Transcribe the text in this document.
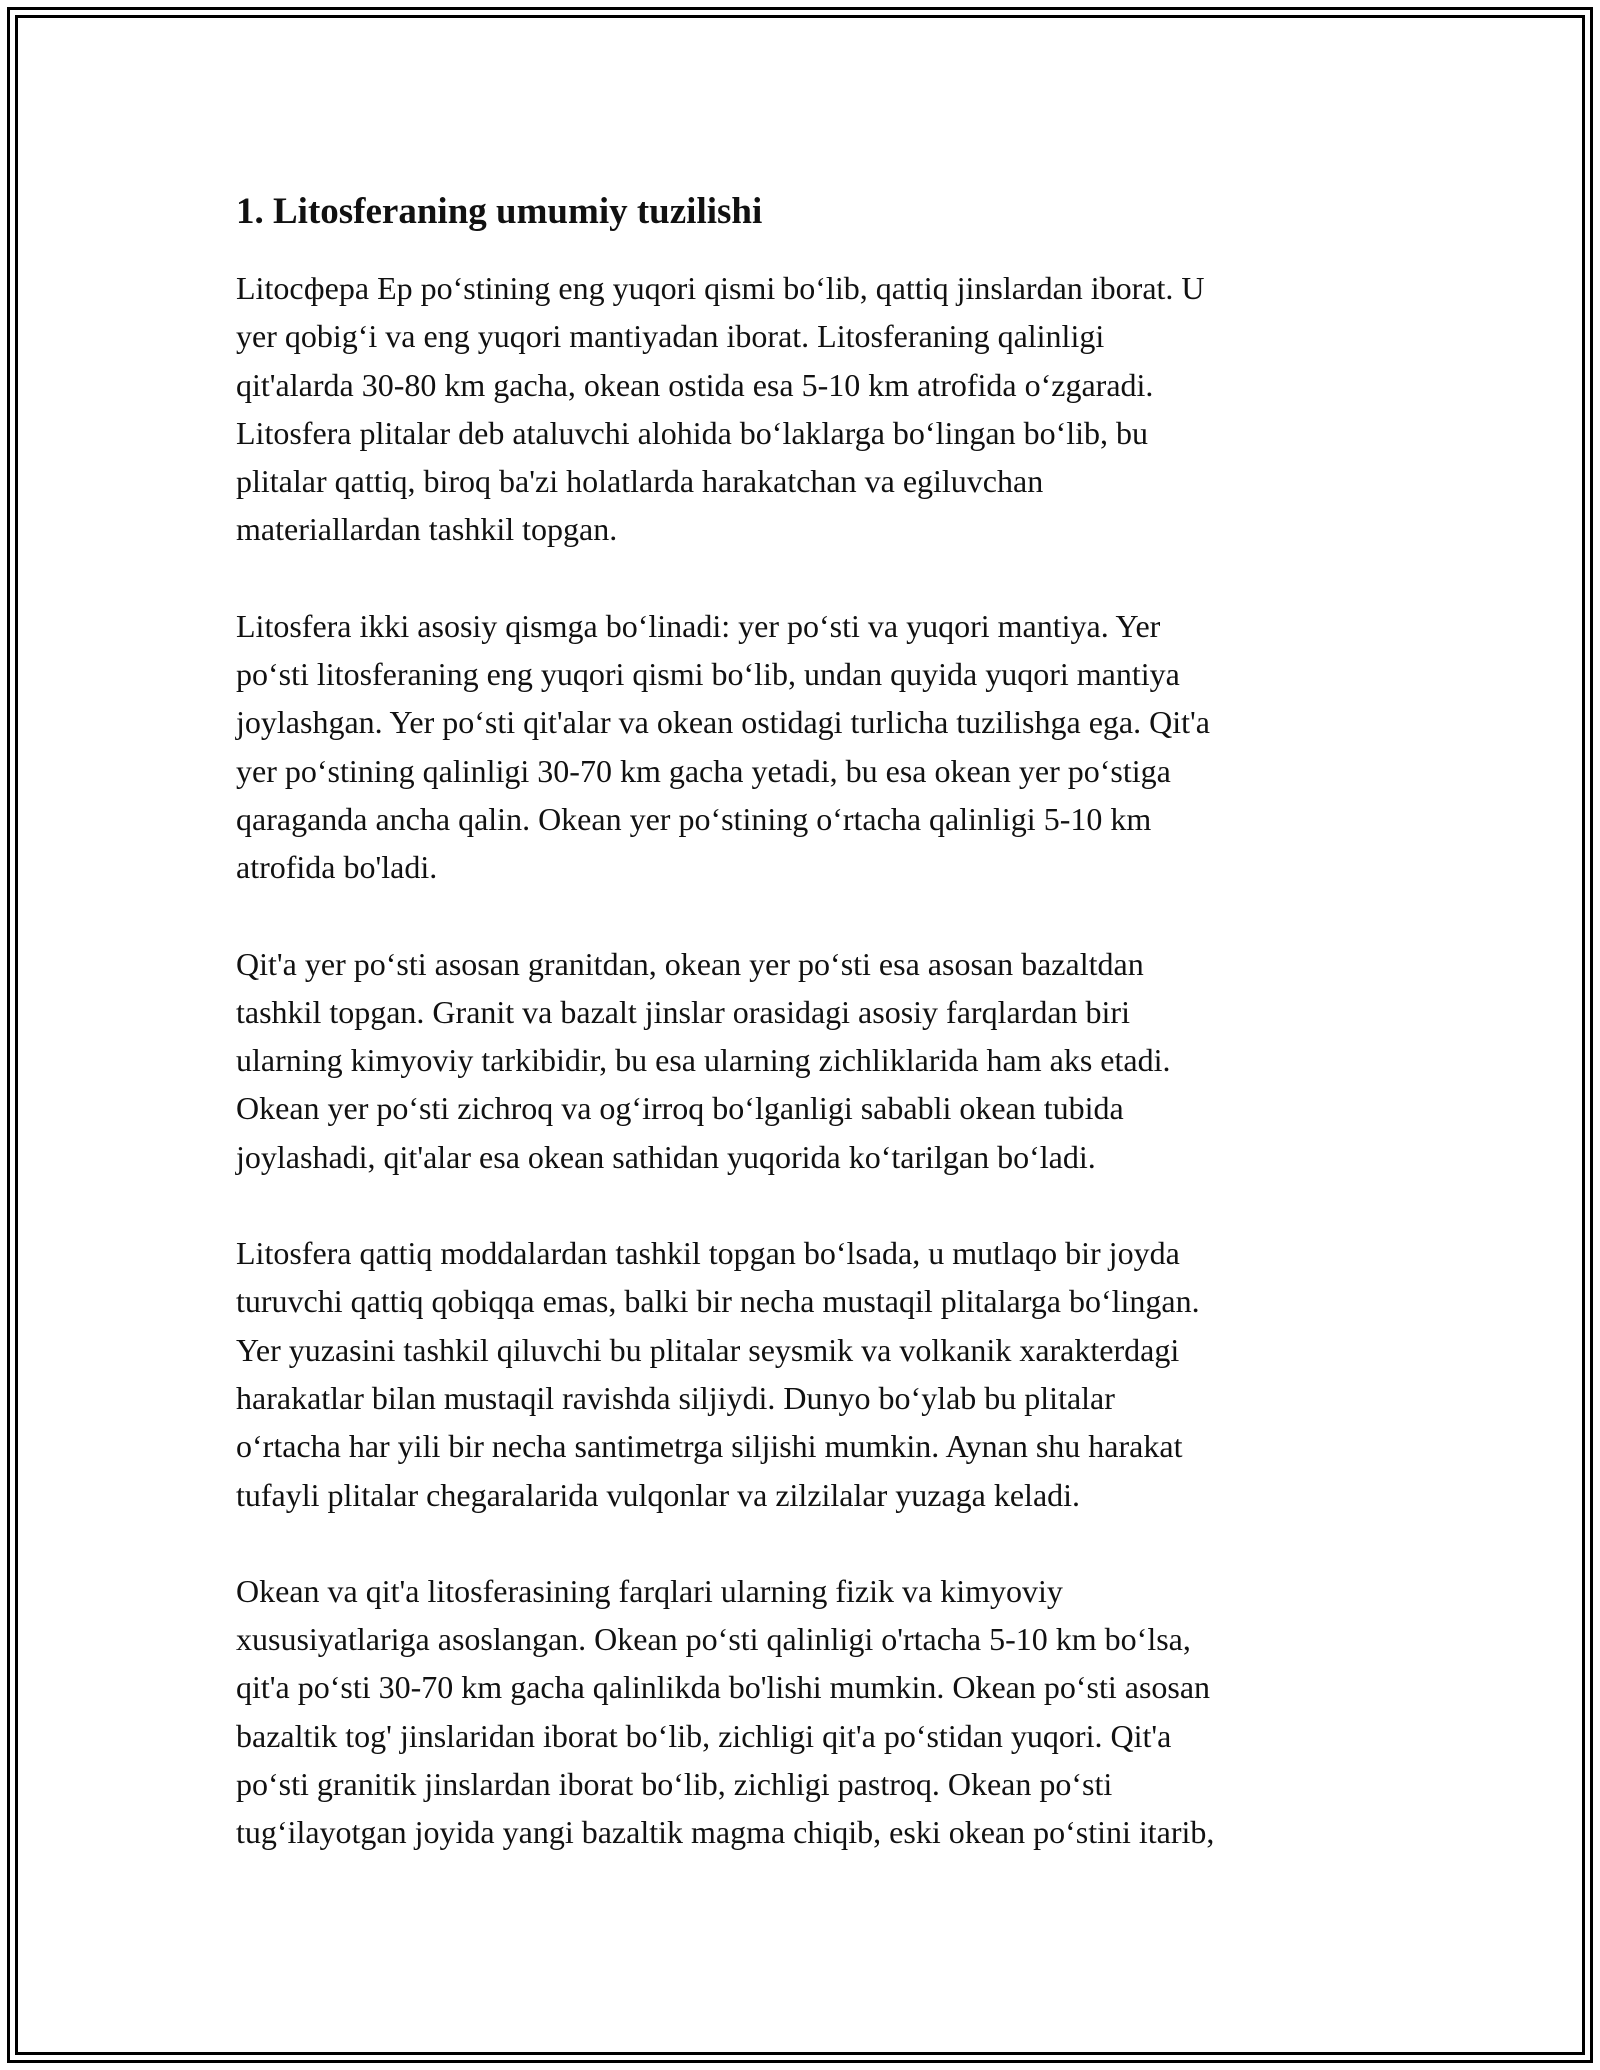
1. Litosferaning umumiy tuzilishi

Litoсфера Ер po‘stining eng yuqori qismi bo‘lib, qattiq jinslardan iborat. U
yer qobig‘i va eng yuqori mantiyadan iborat. Litosferaning qalinligi
qit'alarda 30-80 km gacha, okean ostida esa 5-10 km atrofida o‘zgaradi.
Litosfera plitalar deb ataluvchi alohida bo‘laklarga bo‘lingan bo‘lib, bu
plitalar qattiq, biroq ba'zi holatlarda harakatchan va egiluvchan
materiallardan tashkil topgan.

Litosfera ikki asosiy qismga bo‘linadi: yer po‘sti va yuqori mantiya. Yer
po‘sti litosferaning eng yuqori qismi bo‘lib, undan quyida yuqori mantiya
joylashgan. Yer po‘sti qit'alar va okean ostidagi turlicha tuzilishga ega. Qit'a
yer po‘stining qalinligi 30-70 km gacha yetadi, bu esa okean yer po‘stiga
qaraganda ancha qalin. Okean yer po‘stining o‘rtacha qalinligi 5-10 km
atrofida bo'ladi.

Qit'a yer po‘sti asosan granitdan, okean yer po‘sti esa asosan bazaltdan
tashkil topgan. Granit va bazalt jinslar orasidagi asosiy farqlardan biri
ularning kimyoviy tarkibidir, bu esa ularning zichliklarida ham aks etadi.
Okean yer po‘sti zichroq va og‘irroq bo‘lganligi sababli okean tubida
joylashadi, qit'alar esa okean sathidan yuqorida ko‘tarilgan bo‘ladi.

Litosfera qattiq moddalardan tashkil topgan bo‘lsada, u mutlaqo bir joyda
turuvchi qattiq qobiqqa emas, balki bir necha mustaqil plitalarga bo‘lingan.
Yer yuzasini tashkil qiluvchi bu plitalar seysmik va volkanik xarakterdagi
harakatlar bilan mustaqil ravishda siljiydi. Dunyo bo‘ylab bu plitalar
o‘rtacha har yili bir necha santimetrga siljishi mumkin. Aynan shu harakat
tufayli plitalar chegaralarida vulqonlar va zilzilalar yuzaga keladi.

Okean va qit'a litosferasining farqlari ularning fizik va kimyoviy
xususiyatlariga asoslangan. Okean po‘sti qalinligi o'rtacha 5-10 km bo‘lsa,
qit'a po‘sti 30-70 km gacha qalinlikda bo'lishi mumkin. Okean po‘sti asosan
bazaltik tog' jinslaridan iborat bo‘lib, zichligi qit'a po‘stidan yuqori. Qit'a
po‘sti granitik jinslardan iborat bo‘lib, zichligi pastroq. Okean po‘sti
tug‘ilayotgan joyida yangi bazaltik magma chiqib, eski okean po‘stini itarib,
